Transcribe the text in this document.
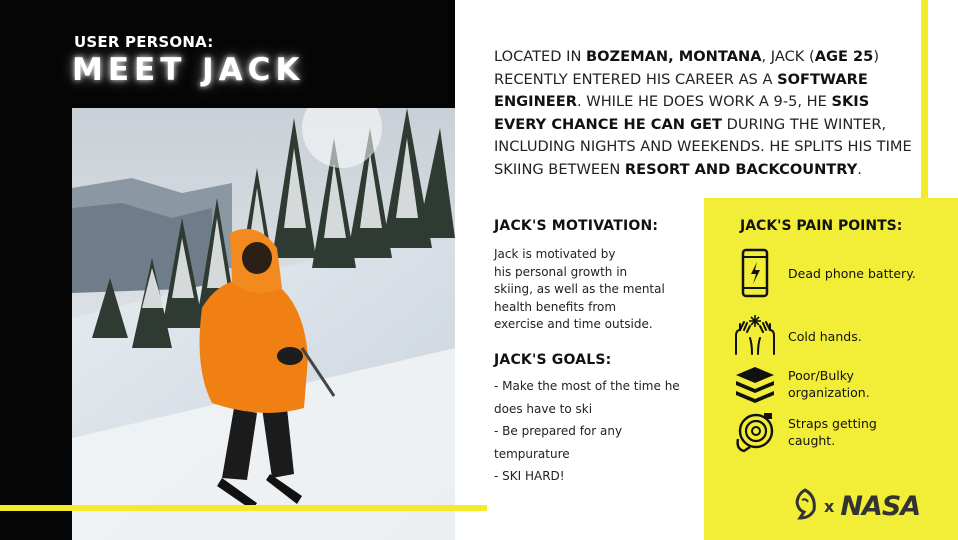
USER PERSONA:
MEET JACK	LOCATED IN BOZEMAN, MONTANA, JACK (AGE 25) RECENTLY ENTERED HIS CAREER AS A SOFTWARE ENGINEER. WHILE HE DOES WORK A 9-5, HE SKIS EVERY CHANCE HE CAN GET DURING THE WINTER, INCLUDING NIGHTS AND WEEKENDS. HE SPLITS HIS TIME SKIING BETWEEN RESORT AND BACKCOUNTRY.
JACK'S MOTIVATION:
Jack is motivated by
his personal growth in
skiing, as well as the mental
health benefits from
exercise and time outside.
JACK'S GOALS:
- Make the most of the time he
does have to ski
- Be prepared for any
tempurature
- SKI HARD!
JACK'S PAIN POINTS:
Dead phone battery.
Cold hands.
Poor/Bulky
organization.
Straps getting
caught.
x NASA
